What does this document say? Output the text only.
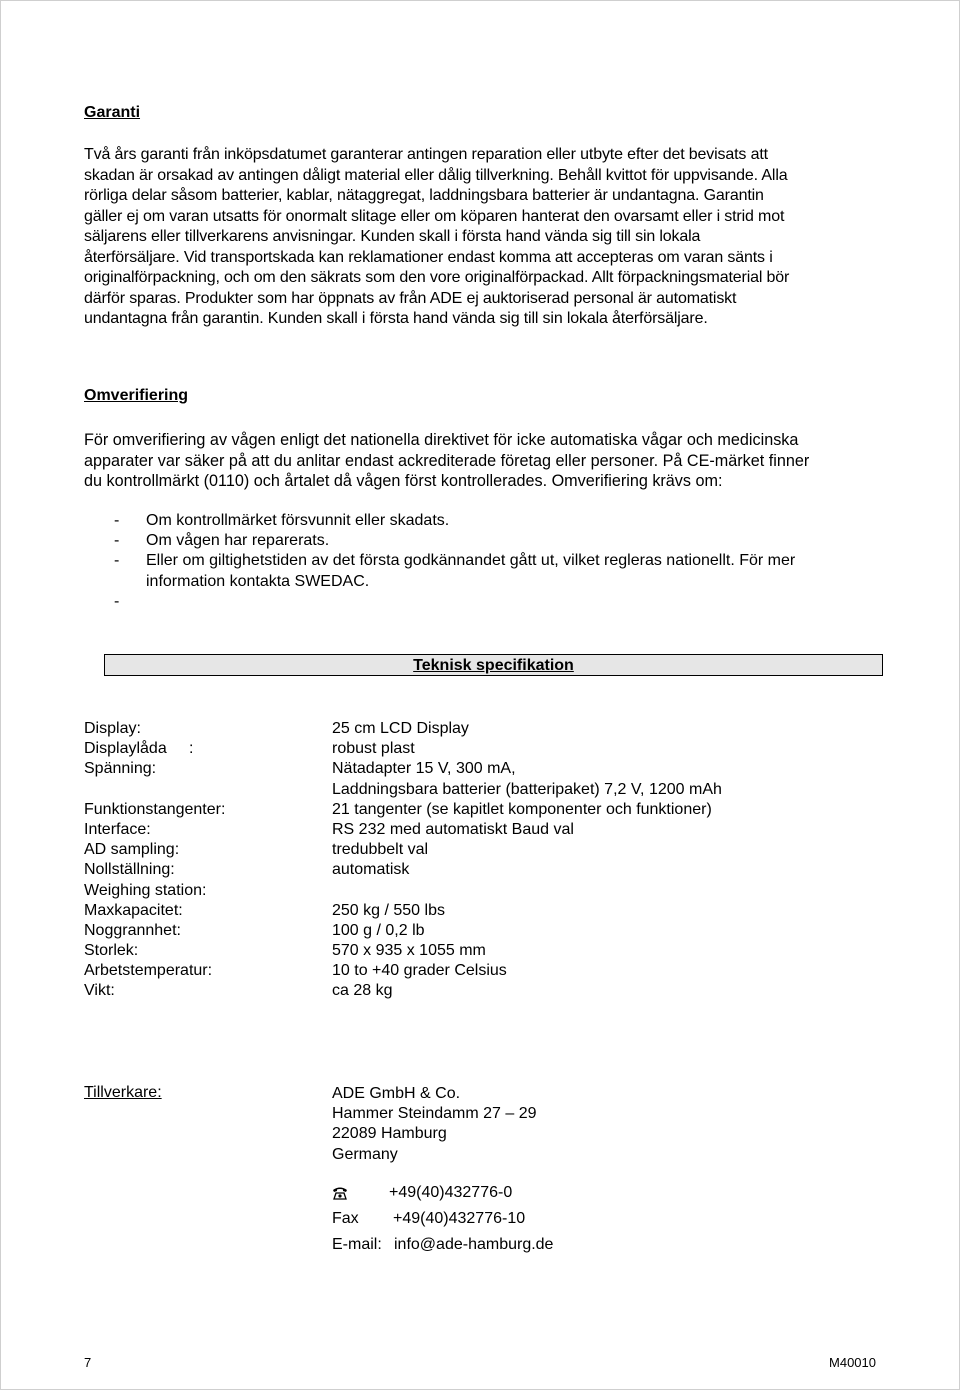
Garanti
Två års garanti från inköpsdatumet garanterar antingen reparation eller utbyte efter det bevisats att
skadan är orsakad av antingen dåligt material eller dålig tillverkning. Behåll kvittot för uppvisande. Alla
rörliga delar såsom batterier, kablar, nätaggregat, laddningsbara batterier är undantagna. Garantin
gäller ej om varan utsatts för onormalt slitage eller om köparen hanterat den ovarsamt eller i strid mot
säljarens eller tillverkarens anvisningar. Kunden skall i första hand vända sig till sin lokala
återförsäljare. Vid transportskada kan reklamationer endast komma att accepteras om varan sänts i
originalförpackning, och om den säkrats som den vore originalförpackad. Allt förpackningsmaterial bör
därför sparas. Produkter som har öppnats av från ADE ej auktoriserad personal är automatiskt
undantagna från garantin. Kunden skall i första hand vända sig till sin lokala återförsäljare.
Omverifiering
För omverifiering av vågen enligt det nationella direktivet för icke automatiska vågar och medicinska
apparater var säker på att du anlitar endast ackrediterade företag eller personer. På CE-märket finner
du kontrollmärkt (0110) och årtalet då vågen först kontrollerades. Omverifiering krävs om:
- Om kontrollmärket försvunnit eller skadats.
- Om vågen har reparerats.
- Eller om giltighetstiden av det första godkännandet gått ut, vilket regleras nationellt. För mer
information kontakta SWEDAC.
-
Teknisk specifikation
Display:	25 cm LCD Display
Displaylåda     :	robust plast
Spänning:	Nätadapter 15 V, 300 mA,
Laddningsbara batterier (batteripaket) 7,2 V, 1200 mAh
Funktionstangenter:	21 tangenter (se kapitlet komponenter och funktioner)
Interface:	RS 232 med automatiskt Baud val
AD sampling:	tredubbelt val
Nollställning:	automatisk
Weighing station:
Maxkapacitet:	250 kg / 550 lbs
Noggrannhet:	100 g / 0,2 lb
Storlek:	570 x 935 x 1055 mm
Arbetstemperatur:	10 to +40 grader Celsius
Vikt:	ca 28 kg
Tillverkare:	ADE GmbH & Co.
Hammer Steindamm 27 – 29
22089 Hamburg
Germany
+49(40)432776-0
Fax +49(40)432776-10
E-mail: info@ade-hamburg.de
7	M40010
